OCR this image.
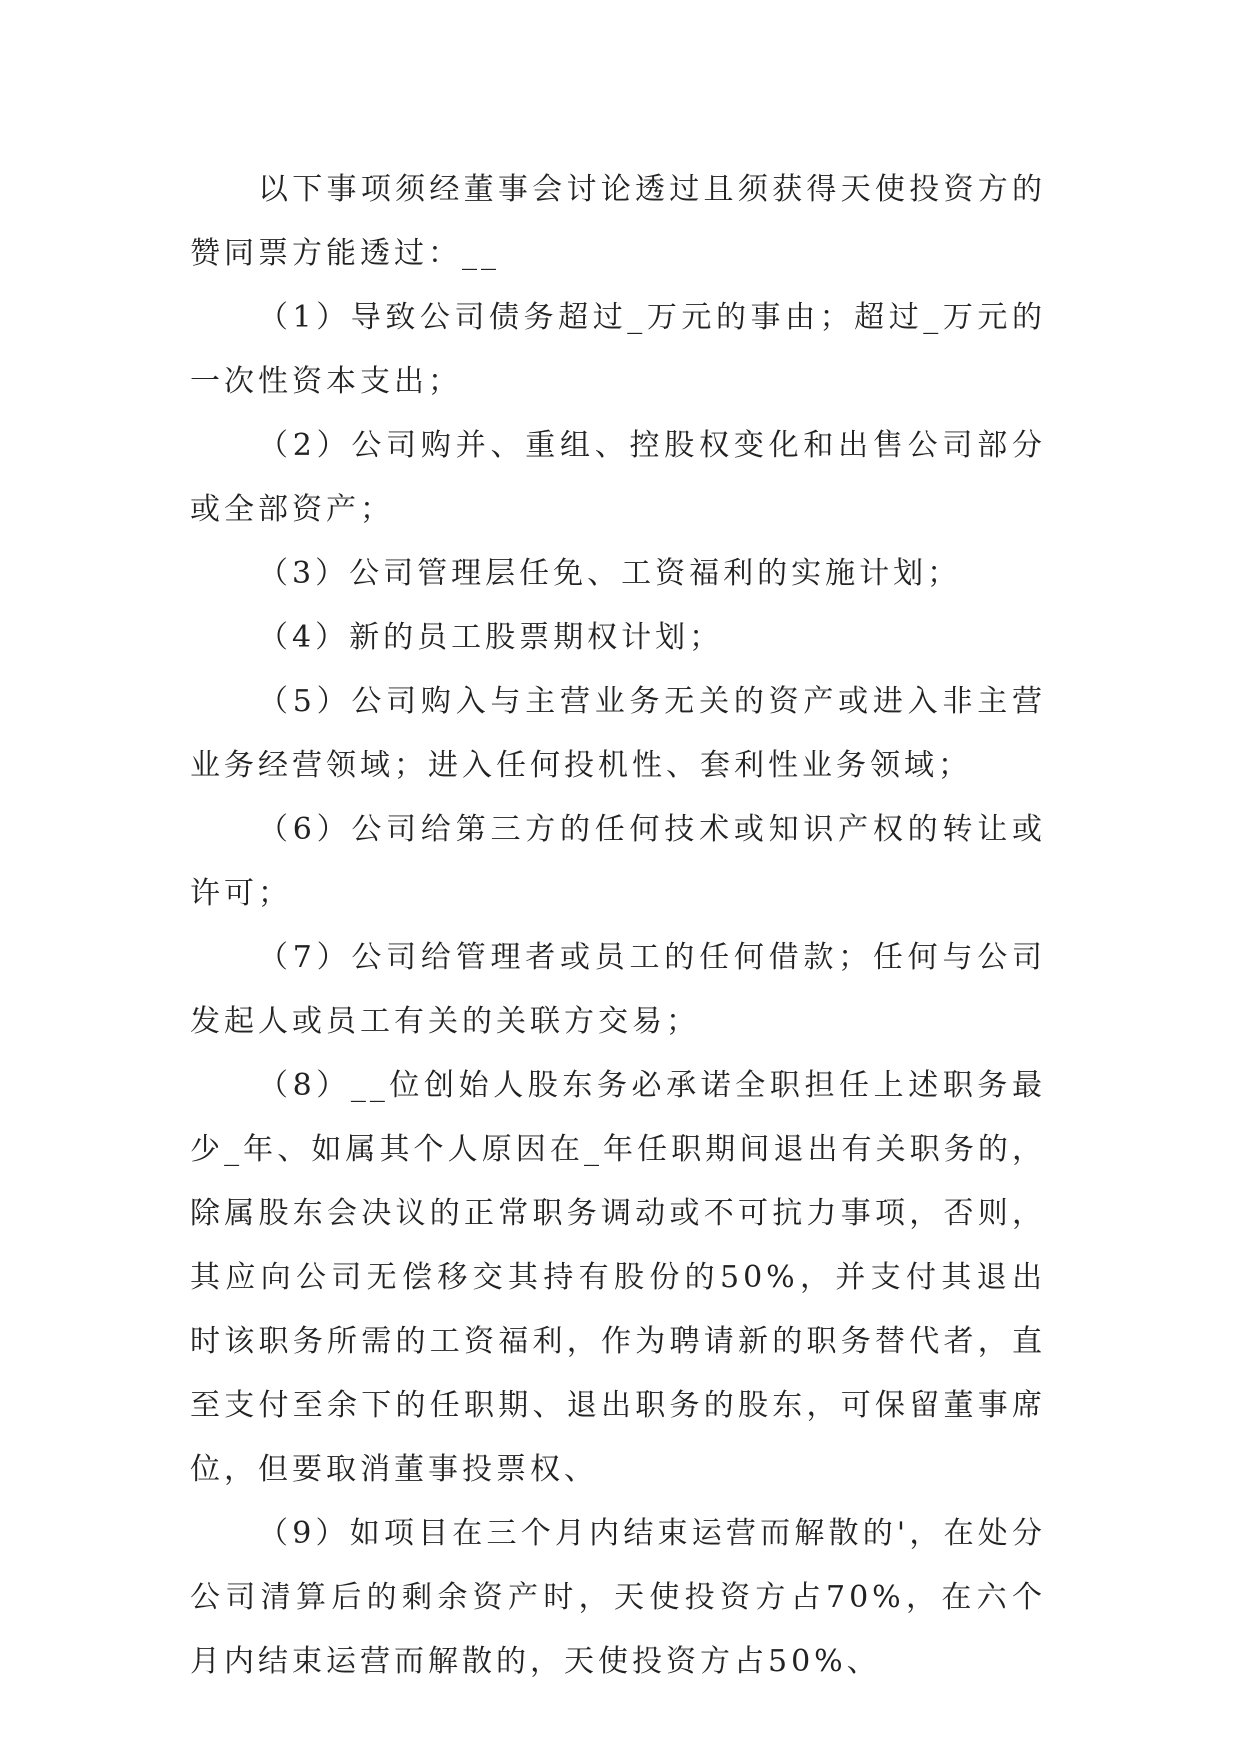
以下事项须经董事会讨论透过且须获得天使投资方的赞同票方能透过：__

（1）导致公司债务超过_万元的事由；超过_万元的一次性资本支出；

（2）公司购并、重组、控股权变化和出售公司部分或全部资产；

（3）公司管理层任免、工资福利的实施计划；

（4）新的员工股票期权计划；

（5）公司购入与主营业务无关的资产或进入非主营业务经营领域；进入任何投机性、套利性业务领域；

（6）公司给第三方的任何技术或知识产权的转让或许可；

（7）公司给管理者或员工的任何借款；任何与公司发起人或员工有关的关联方交易；

（8）__位创始人股东务必承诺全职担任上述职务最少_年、如属其个人原因在_年任职期间退出有关职务的，除属股东会决议的正常职务调动或不可抗力事项，否则，其应向公司无偿移交其持有股份的50%，并支付其退出时该职务所需的工资福利，作为聘请新的职务替代者，直至支付至余下的任职期、退出职务的股东，可保留董事席位，但要取消董事投票权、

（9）如项目在三个月内结束运营而解散的'，在处分公司清算后的剩余资产时，天使投资方占70%，在六个月内结束运营而解散的，天使投资方占50%、
